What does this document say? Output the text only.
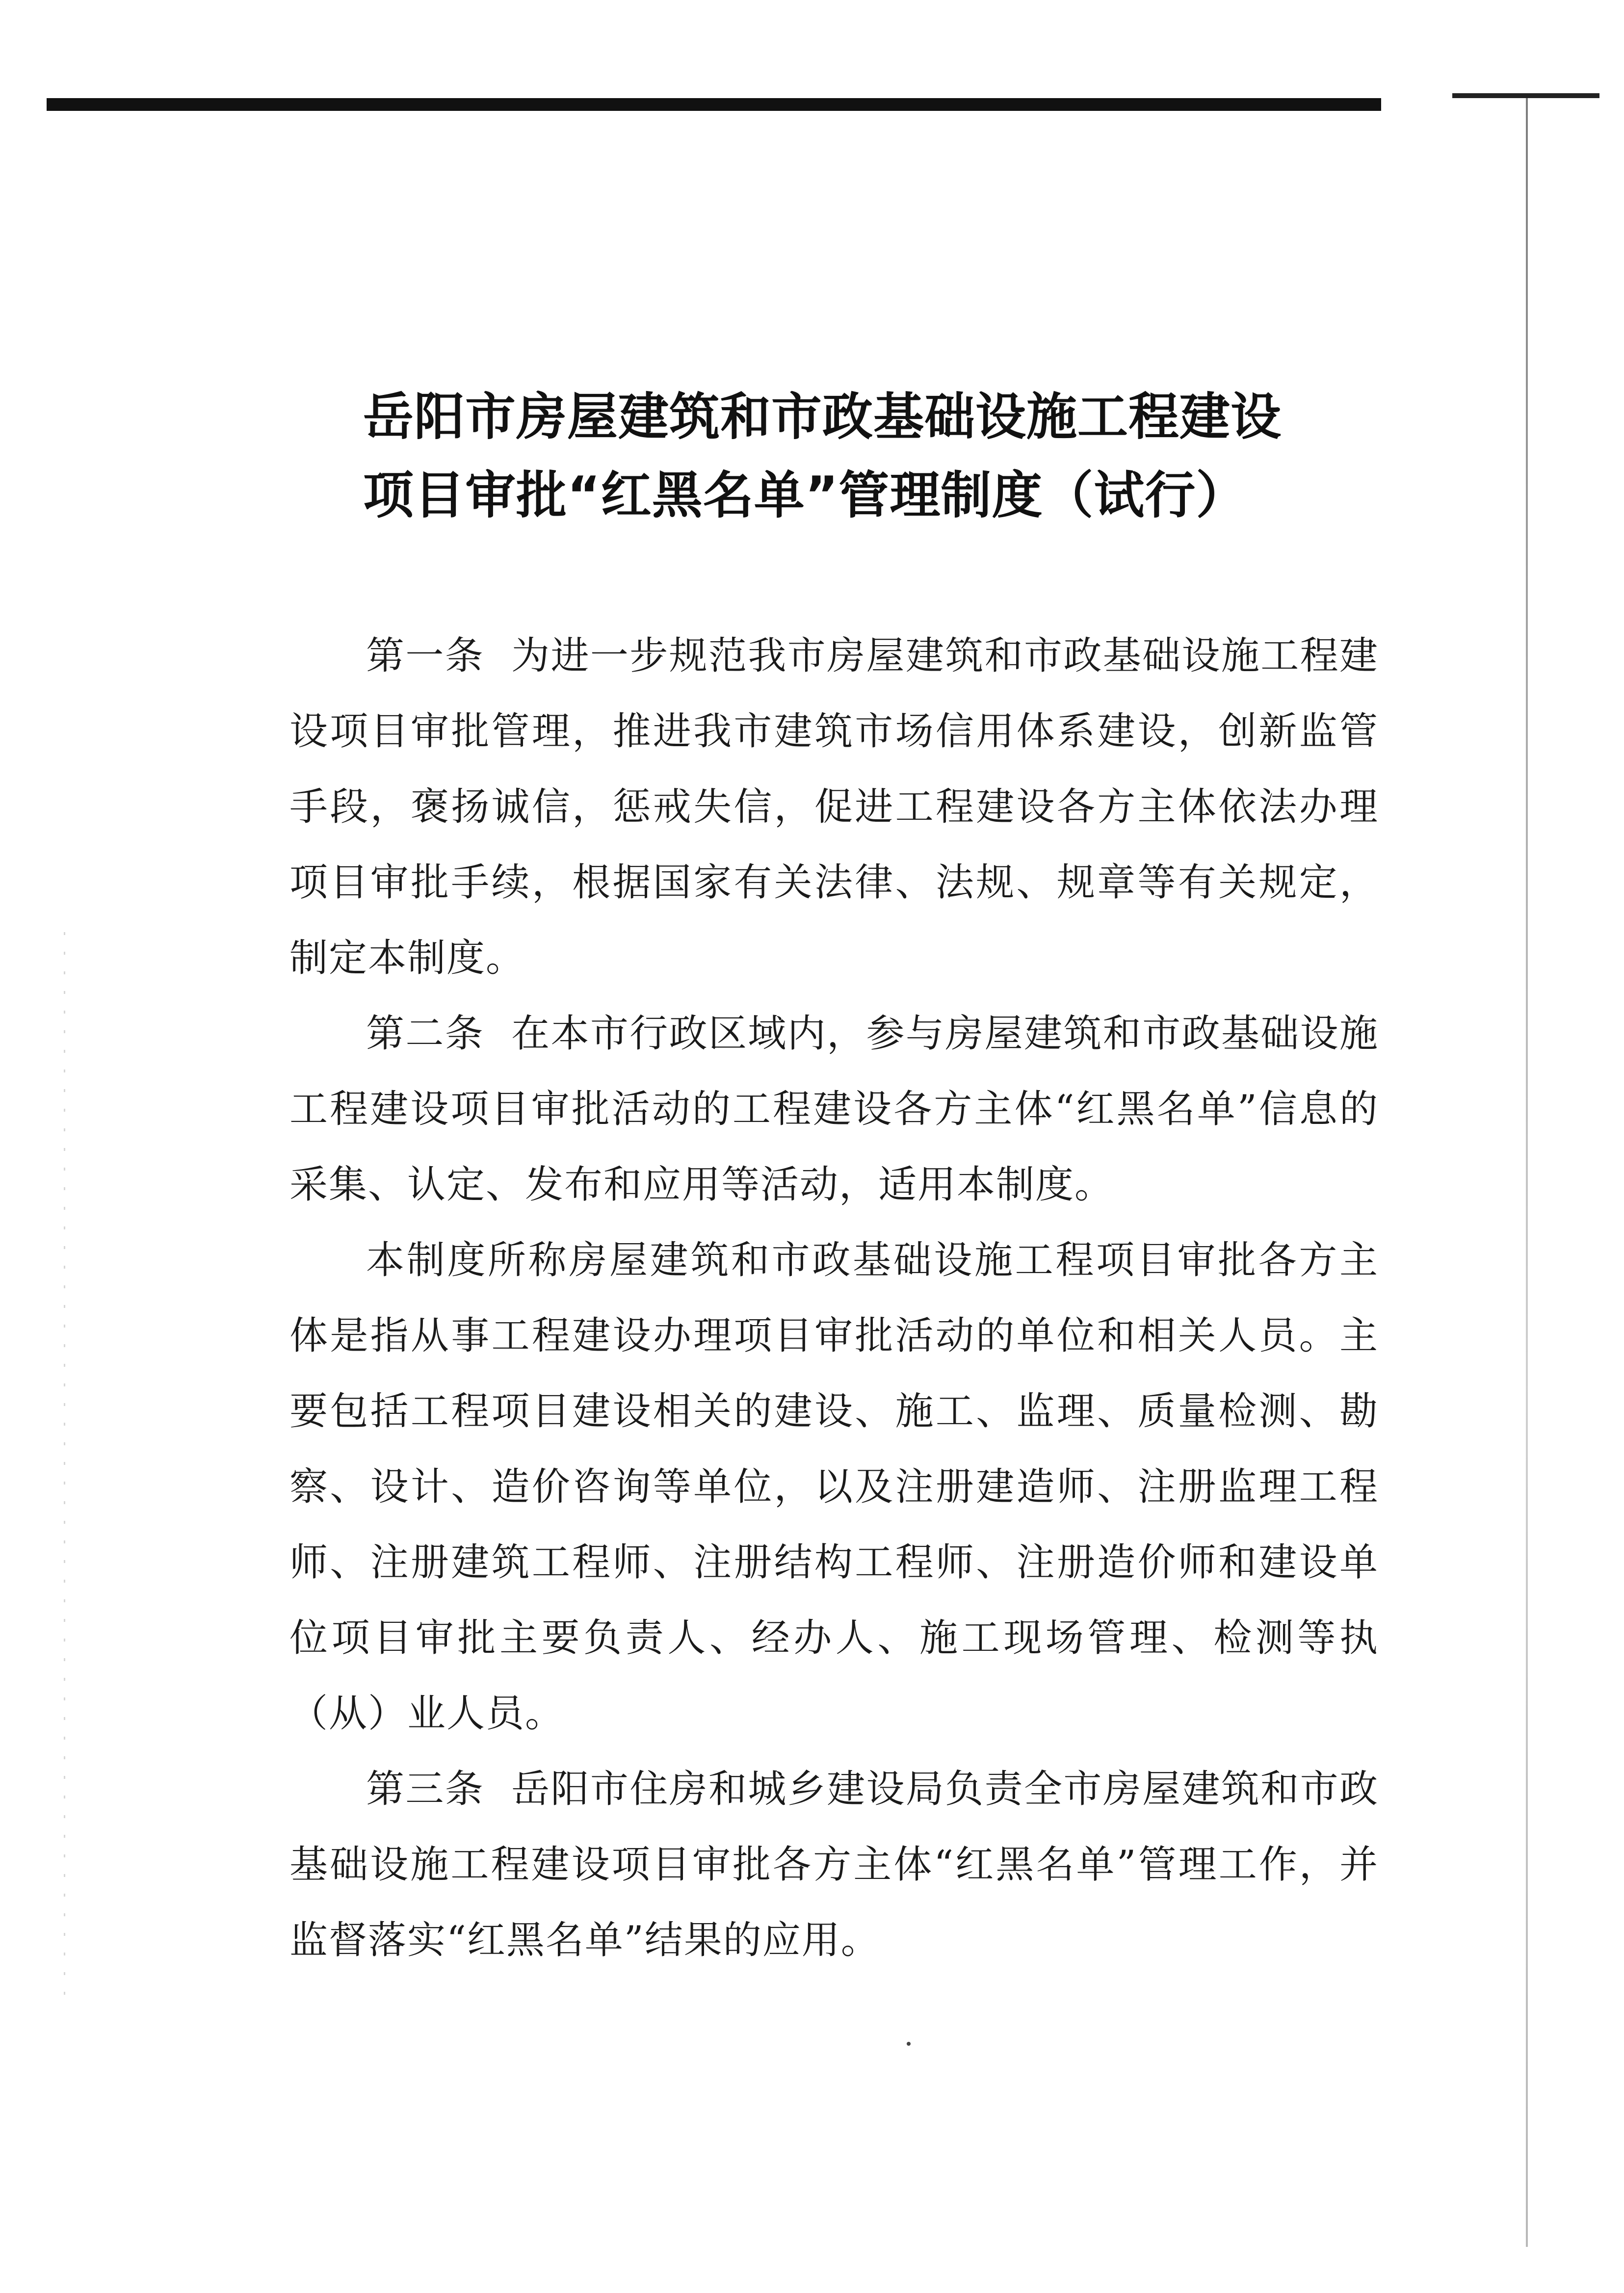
岳阳市房屋建筑和市政基础设施工程建设
项目审批“红黑名单”管理制度（试行）

第一条 为进一步规范我市房屋建筑和市政基础设施工程建设项目审批管理，推进我市建筑市场信用体系建设，创新监管手段，褒扬诚信，惩戒失信，促进工程建设各方主体依法办理项目审批手续，根据国家有关法律、法规、规章等有关规定，制定本制度。

第二条 在本市行政区域内，参与房屋建筑和市政基础设施工程建设项目审批活动的工程建设各方主体“红黑名单”信息的采集、认定、发布和应用等活动，适用本制度。

本制度所称房屋建筑和市政基础设施工程项目审批各方主体是指从事工程建设办理项目审批活动的单位和相关人员。主要包括工程项目建设相关的建设、施工、监理、质量检测、勘察、设计、造价咨询等单位，以及注册建造师、注册监理工程师、注册建筑工程师、注册结构工程师、注册造价师和建设单位项目审批主要负责人、经办人、施工现场管理、检测等执（从）业人员。

第三条 岳阳市住房和城乡建设局负责全市房屋建筑和市政基础设施工程建设项目审批各方主体“红黑名单”管理工作，并监督落实“红黑名单”结果的应用。
